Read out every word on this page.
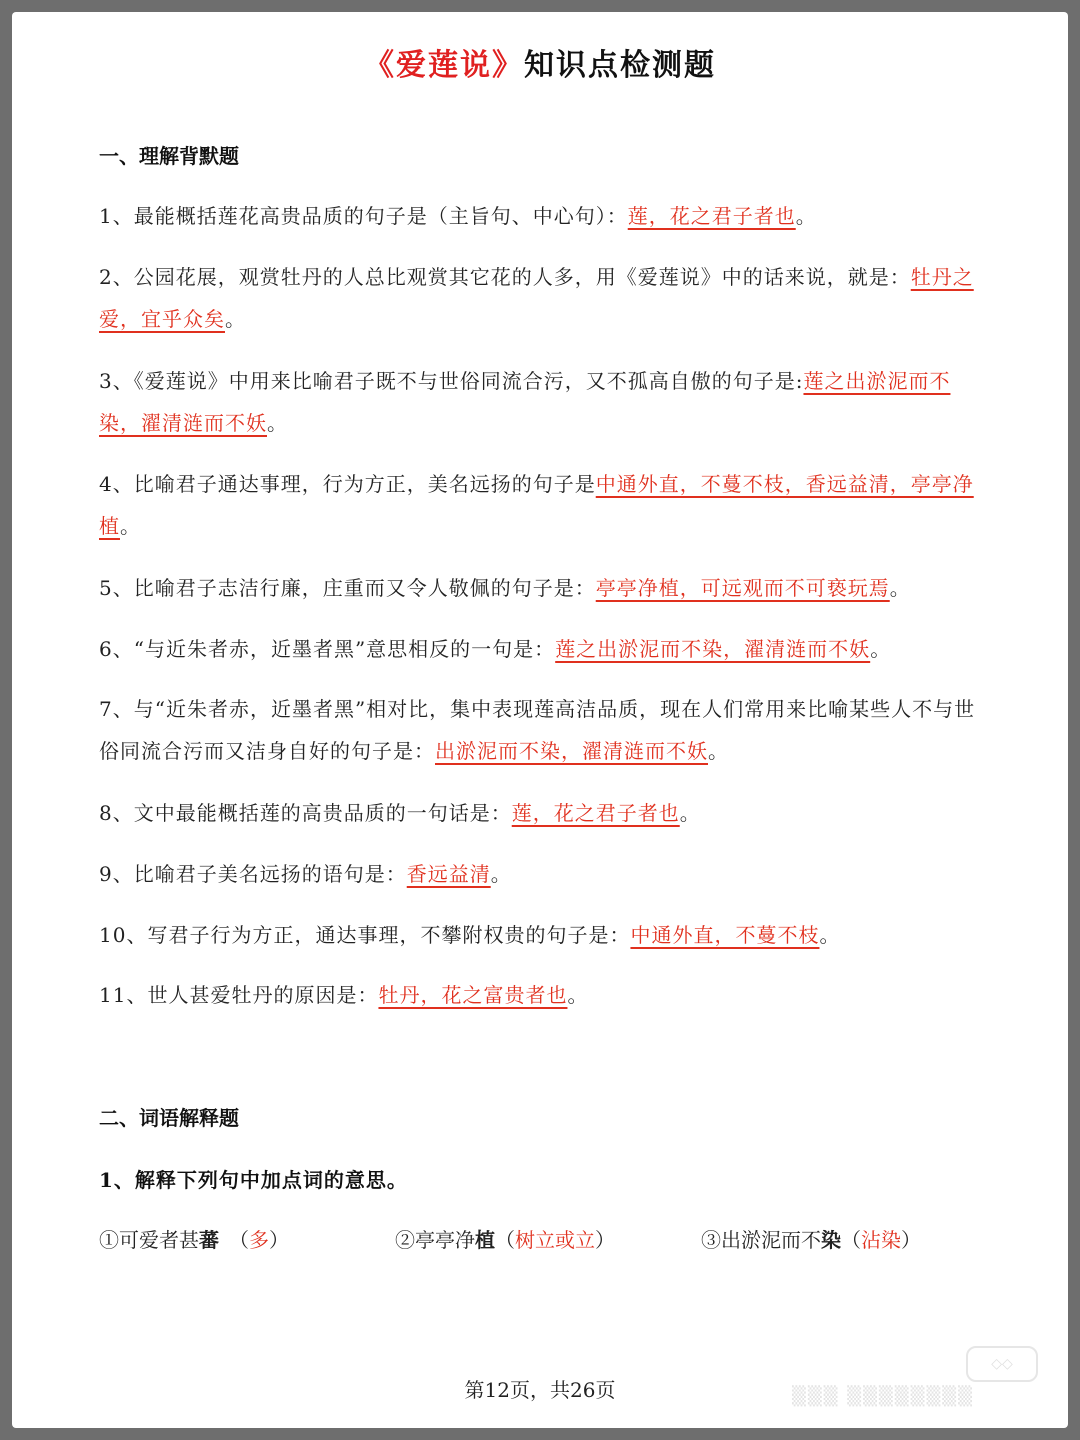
《爱莲说》知识点检测题
一、理解背默题
1、最能概括莲花高贵品质的句子是（主旨句、中心句）：莲，花之君子者也。
2、公园花展，观赏牡丹的人总比观赏其它花的人多，用《爱莲说》中的话来说，就是：牡丹之爱，宜乎众矣。
3、《爱莲说》中用来比喻君子既不与世俗同流合污，又不孤高自傲的句子是:莲之出淤泥而不染，濯清涟而不妖。
4、比喻君子通达事理，行为方正，美名远扬的句子是中通外直，不蔓不枝，香远益清，亭亭净植。
5、比喻君子志洁行廉，庄重而又令人敬佩的句子是：亭亭净植，可远观而不可亵玩焉。
6、“与近朱者赤，近墨者黑”意思相反的一句是：莲之出淤泥而不染，濯清涟而不妖。
7、与“近朱者赤，近墨者黑”相对比，集中表现莲高洁品质，现在人们常用来比喻某些人不与世俗同流合污而又洁身自好的句子是：出淤泥而不染，濯清涟而不妖。
8、文中最能概括莲的高贵品质的一句话是：莲，花之君子者也。
9、比喻君子美名远扬的语句是：香远益清。
10、写君子行为方正，通达事理，不攀附权贵的句子是：中通外直，不蔓不枝。
11、世人甚爱牡丹的原因是：牡丹，花之富贵者也。
二、词语解释题
1、解释下列句中加点词的意思。
①可爱者甚蕃　（多）	②亭亭净植（树立或立）	③出淤泥而不染（沾染）
第12页，共26页
◇◇
▒▒▒ ▒▒▒▒▒▒▒▒
